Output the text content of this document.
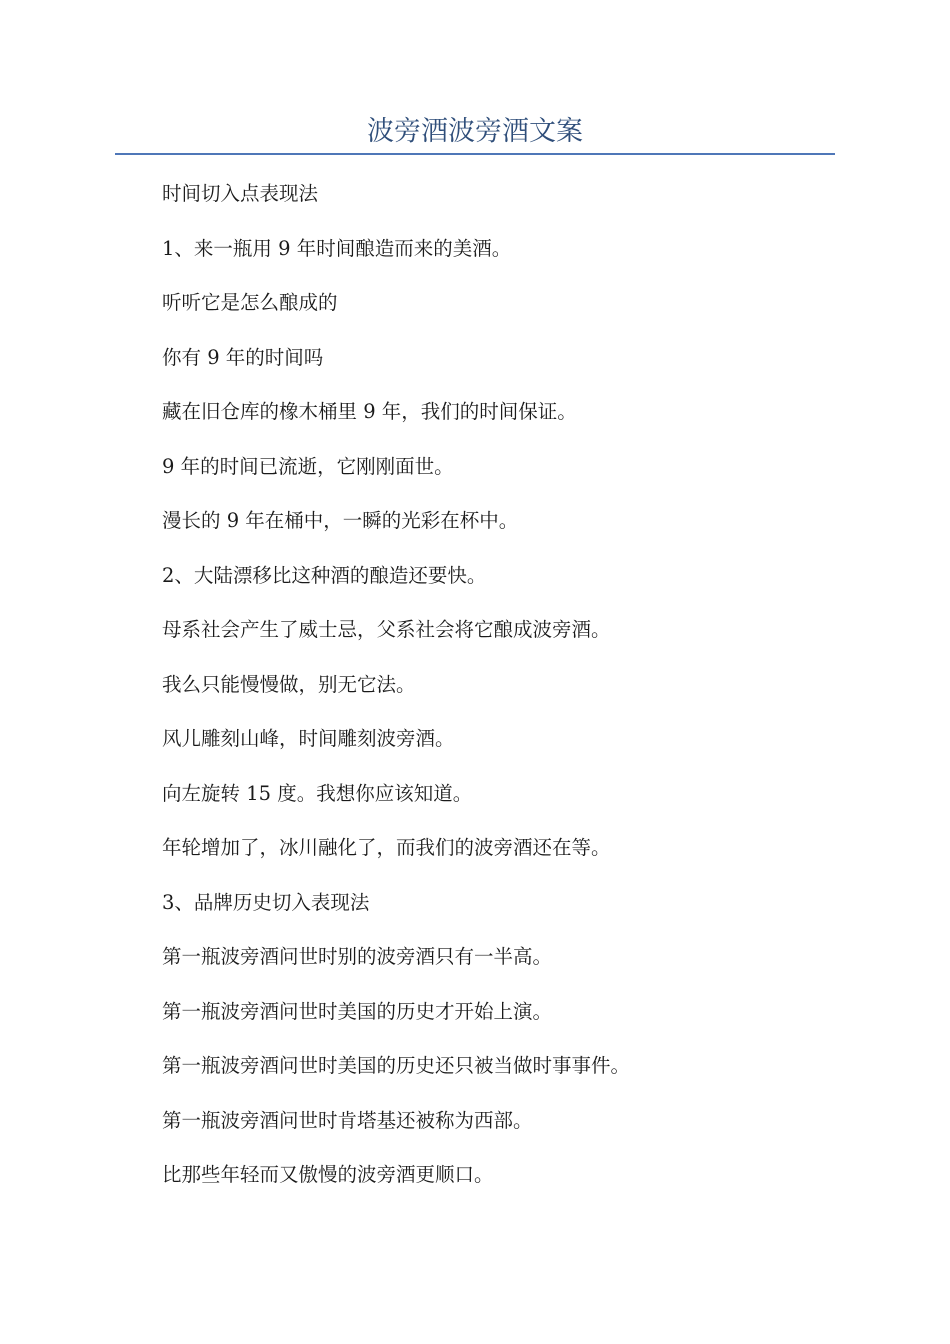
波旁酒波旁酒文案
时间切入点表现法
1、来一瓶用 9 年时间酿造而来的美酒。
听听它是怎么酿成的
你有 9 年的时间吗
藏在旧仓库的橡木桶里 9 年，我们的时间保证。
9 年的时间已流逝，它刚刚面世。
漫长的 9 年在桶中，一瞬的光彩在杯中。
2、大陆漂移比这种酒的酿造还要快。
母系社会产生了威士忌，父系社会将它酿成波旁酒。
我么只能慢慢做，别无它法。
风儿雕刻山峰，时间雕刻波旁酒。
向左旋转 15 度。我想你应该知道。
年轮增加了，冰川融化了，而我们的波旁酒还在等。
3、品牌历史切入表现法
第一瓶波旁酒问世时别的波旁酒只有一半高。
第一瓶波旁酒问世时美国的历史才开始上演。
第一瓶波旁酒问世时美国的历史还只被当做时事事件。
第一瓶波旁酒问世时肯塔基还被称为西部。
比那些年轻而又傲慢的波旁酒更顺口。
